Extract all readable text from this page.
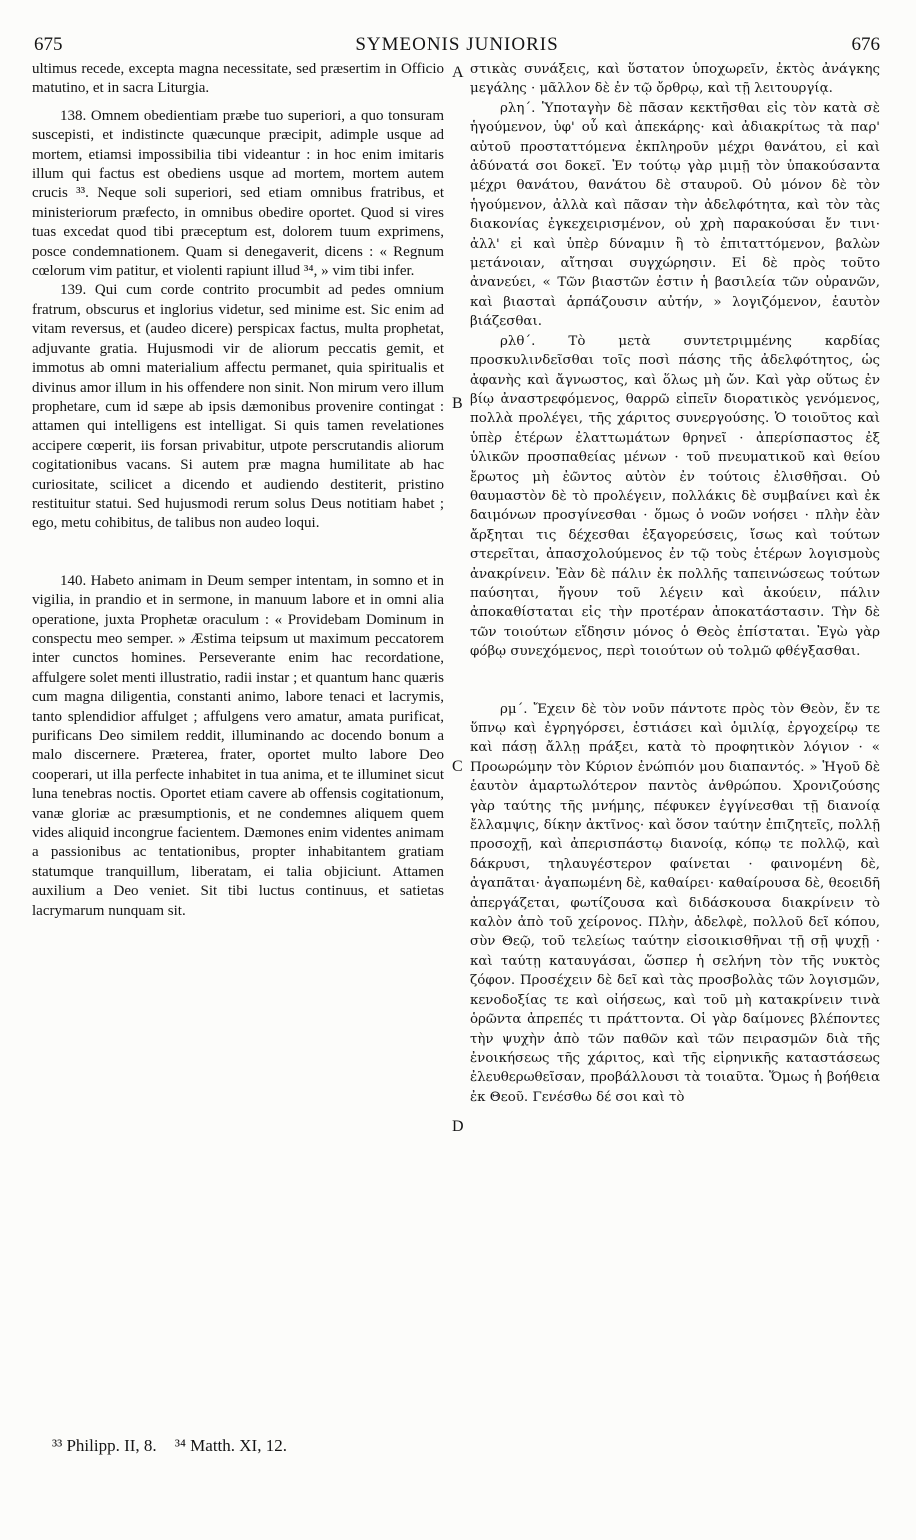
675	SYMEONIS JUNIORIS	676

ultimus recede, excepta magna necessitate, sed præsertim in Officio matutino, et in sacra Liturgia.

138. Omnem obedientiam præbe tuo superiori, a quo tonsuram suscepisti, et indistincte quæcunque præcipit, adimple usque ad mortem, etiamsi impossibilia tibi videantur : in hoc enim imitaris illum qui factus est obediens usque ad mortem, mortem autem crucis ³³. Neque soli superiori, sed etiam omnibus fratribus, et ministeriorum præfecto, in omnibus obedire oportet. Quod si vires tuas excedat quod tibi præceptum est, dolorem tuum exprimens, posce condemnationem. Quam si denegaverit, dicens : « Regnum cœlorum vim patitur, et violenti rapiunt illud ³⁴, » vim tibi infer.

139. Qui cum corde contrito procumbit ad pedes omnium fratrum, obscurus et inglorius videtur, sed minime est. Sic enim ad vitam reversus, et (audeo dicere) perspicax factus, multa prophetat, adjuvante gratia. Hujusmodi vir de aliorum peccatis gemit, et immotus ab omni materialium affectu permanet, quia spiritualis et divinus amor illum in his offendere non sinit. Non mirum vero illum prophetare, cum id sæpe ab ipsis dæmonibus provenire contingat : attamen qui intelligens est intelligat. Si quis tamen revelationes accipere cœperit, iis forsan privabitur, utpote perscrutandis aliorum cogitationibus vacans. Si autem præ magna humilitate ab hac curiositate, scilicet a dicendo et audiendo destiterit, pristino restituitur statui. Sed hujusmodi rerum solus Deus notitiam habet ; ego, metu cohibitus, de talibus non audeo loqui.

140. Habeto animam in Deum semper intentam, in somno et in vigilia, in prandio et in sermone, in manuum labore et in omni alia operatione, juxta Prophetæ oraculum : « Providebam Dominum in conspectu meo semper. » Æstima teipsum ut maximum peccatorem inter cunctos homines. Perseverante enim hac recordatione, affulgere solet menti illustratio, radii instar ; et quantum hanc quæris cum magna diligentia, constanti animo, labore tenaci et lacrymis, tanto splendidior affulget ; affulgens vero amatur, amata purificat, purificans Deo similem reddit, illuminando ac docendo bonum a malo discernere. Præterea, frater, oportet multo labore Deo cooperari, ut illa perfecte inhabitet in tua anima, et te illuminet sicut luna tenebras noctis. Oportet etiam cavere ab offensis cogitationum, vanæ gloriæ ac præsumptionis, et ne condemnes aliquem quem vides aliquid incongrue facientem. Dæmones enim videntes animam a passionibus ac tentationibus, propter inhabitantem gratiam statumque tranquillum, liberatam, ei talia objiciunt. Attamen auxilium a Deo veniet. Sit tibi luctus continuus, et satietas lacrymarum nunquam sit.

στικὰς συνάξεις, καὶ ὕστατον ὑποχωρεῖν, ἐκτὸς ἀνάγκης μεγάλης · μᾶλλον δὲ ἐν τῷ ὄρθρῳ, καὶ τῇ λειτουργίᾳ.

ρλη΄. Ὑποταγὴν δὲ πᾶσαν κεκτῆσθαι εἰς τὸν κατὰ σὲ ἡγούμενον, ὑφ' οὗ καὶ ἀπεκάρης· καὶ ἀδιακρίτως τὰ παρ' αὐτοῦ προσταττόμενα ἐκπληροῦν μέχρι θανάτου, εἰ καὶ ἀδύνατά σοι δοκεῖ. Ἐν τούτῳ γὰρ μιμῇ τὸν ὑπακούσαντα μέχρι θανάτου, θανάτου δὲ σταυροῦ. Οὐ μόνον δὲ τὸν ἡγούμενον, ἀλλὰ καὶ πᾶσαν τὴν ἀδελφότητα, καὶ τὸν τὰς διακονίας ἐγκεχειρισμένον, οὐ χρὴ παρακούσαι ἔν τινι· ἀλλ' εἰ καὶ ὑπὲρ δύναμιν ἢ τὸ ἐπιταττόμενον, βαλὼν μετάνοιαν, αἴτησαι συγχώρησιν. Εἰ δὲ πρὸς τοῦτο ἀνανεύει, « Τῶν βιαστῶν ἐστιν ἡ βασιλεία τῶν οὐρανῶν, καὶ βιασταὶ ἁρπάζουσιν αὐτήν, » λογιζόμενον, ἑαυτὸν βιάζεσθαι.

ρλθ΄. Τὸ μετὰ συντετριμμένης καρδίας προσκυλινδεῖσθαι τοῖς ποσὶ πάσης τῆς ἀδελφότητος, ὡς ἀφανὴς καὶ ἄγνωστος, καὶ ὅλως μὴ ὤν. Καὶ γὰρ οὕτως ἐν βίῳ ἀναστρεφόμενος, θαρρῶ εἰπεῖν διορατικὸς γενόμενος, πολλὰ προλέγει, τῆς χάριτος συνεργούσης. Ὁ τοιοῦτος καὶ ὑπὲρ ἑτέρων ἐλαττωμάτων θρηνεῖ · ἀπερίσπαστος ἐξ ὑλικῶν προσπαθείας μένων · τοῦ πνευματικοῦ καὶ θείου ἔρωτος μὴ ἐῶντος αὐτὸν ἐν τούτοις ἐλισθῆσαι. Οὐ θαυμαστὸν δὲ τὸ προλέγειν, πολλάκις δὲ συμβαίνει καὶ ἐκ δαιμόνων προσγίνεσθαι · ὅμως ὁ νοῶν νοήσει · πλὴν ἐὰν ἄρξηται τις δέχεσθαι ἐξαγορεύσεις, ἴσως καὶ τούτων στερεῖται, ἀπασχολούμενος ἐν τῷ τοὺς ἑτέρων λογισμοὺς ἀνακρίνειν. Ἐὰν δὲ πάλιν ἐκ πολλῆς ταπεινώσεως τούτων παύσηται, ἤγουν τοῦ λέγειν καὶ ἀκούειν, πάλιν ἀποκαθίσταται εἰς τὴν προτέραν ἀποκατάστασιν. Τὴν δὲ τῶν τοιούτων εἴδησιν μόνος ὁ Θεὸς ἐπίσταται. Ἐγὼ γὰρ φόβῳ συνεχόμενος, περὶ τοιούτων οὐ τολμῶ φθέγξασθαι.

ρμ΄. Ἔχειν δὲ τὸν νοῦν πάντοτε πρὸς τὸν Θεὸν, ἔν τε ὕπνῳ καὶ ἐγρηγόρσει, ἑστιάσει καὶ ὁμιλίᾳ, ἐργοχείρῳ τε καὶ πάσῃ ἄλλῃ πράξει, κατὰ τὸ προφητικὸν λόγιον · « Προωρώμην τὸν Κύριον ἐνώπιόν μου διαπαντός. » Ἡγοῦ δὲ ἑαυτὸν ἁμαρτωλότερον παντὸς ἀνθρώπου. Χρονιζούσης γὰρ ταύτης τῆς μνήμης, πέφυκεν ἐγγίνεσθαι τῇ διανοίᾳ ἔλλαμψις, δίκην ἀκτῖνος· καὶ ὅσον ταύτην ἐπιζητεῖς, πολλῇ προσοχῇ, καὶ ἀπερισπάστῳ διανοίᾳ, κόπῳ τε πολλῷ, καὶ δάκρυσι, τηλαυγέστερον φαίνεται · φαινομένη δὲ, ἀγαπᾶται· ἀγαπωμένη δὲ, καθαίρει· καθαίρουσα δὲ, θεοειδῆ ἀπεργάζεται, φωτίζουσα καὶ διδάσκουσα διακρίνειν τὸ καλὸν ἀπὸ τοῦ χείρονος. Πλὴν, ἀδελφὲ, πολλοῦ δεῖ κόπου, σὺν Θεῷ, τοῦ τελείως ταύτην εἰσοικισθῆναι τῇ σῇ ψυχῇ · καὶ ταύτῃ καταυγάσαι, ὥσπερ ἡ σελήνη τὸν τῆς νυκτὸς ζόφον. Προσέχειν δὲ δεῖ καὶ τὰς προσβολὰς τῶν λογισμῶν, κενοδοξίας τε καὶ οἰήσεως, καὶ τοῦ μὴ κατακρίνειν τινὰ ὁρῶντα ἀπρεπές τι πράττοντα. Οἱ γὰρ δαίμονες βλέποντες τὴν ψυχὴν ἀπὸ τῶν παθῶν καὶ τῶν πειρασμῶν διὰ τῆς ἐνοικήσεως τῆς χάριτος, καὶ τῆς εἰρηνικῆς καταστάσεως ἐλευθερωθεῖσαν, προβάλλουσι τὰ τοιαῦτα. Ὅμως ἡ βοήθεια ἐκ Θεοῦ. Γενέσθω δέ σοι καὶ τὸ

A
B
C
D
³³ Philipp. II, 8. ³⁴ Matth. XI, 12.
